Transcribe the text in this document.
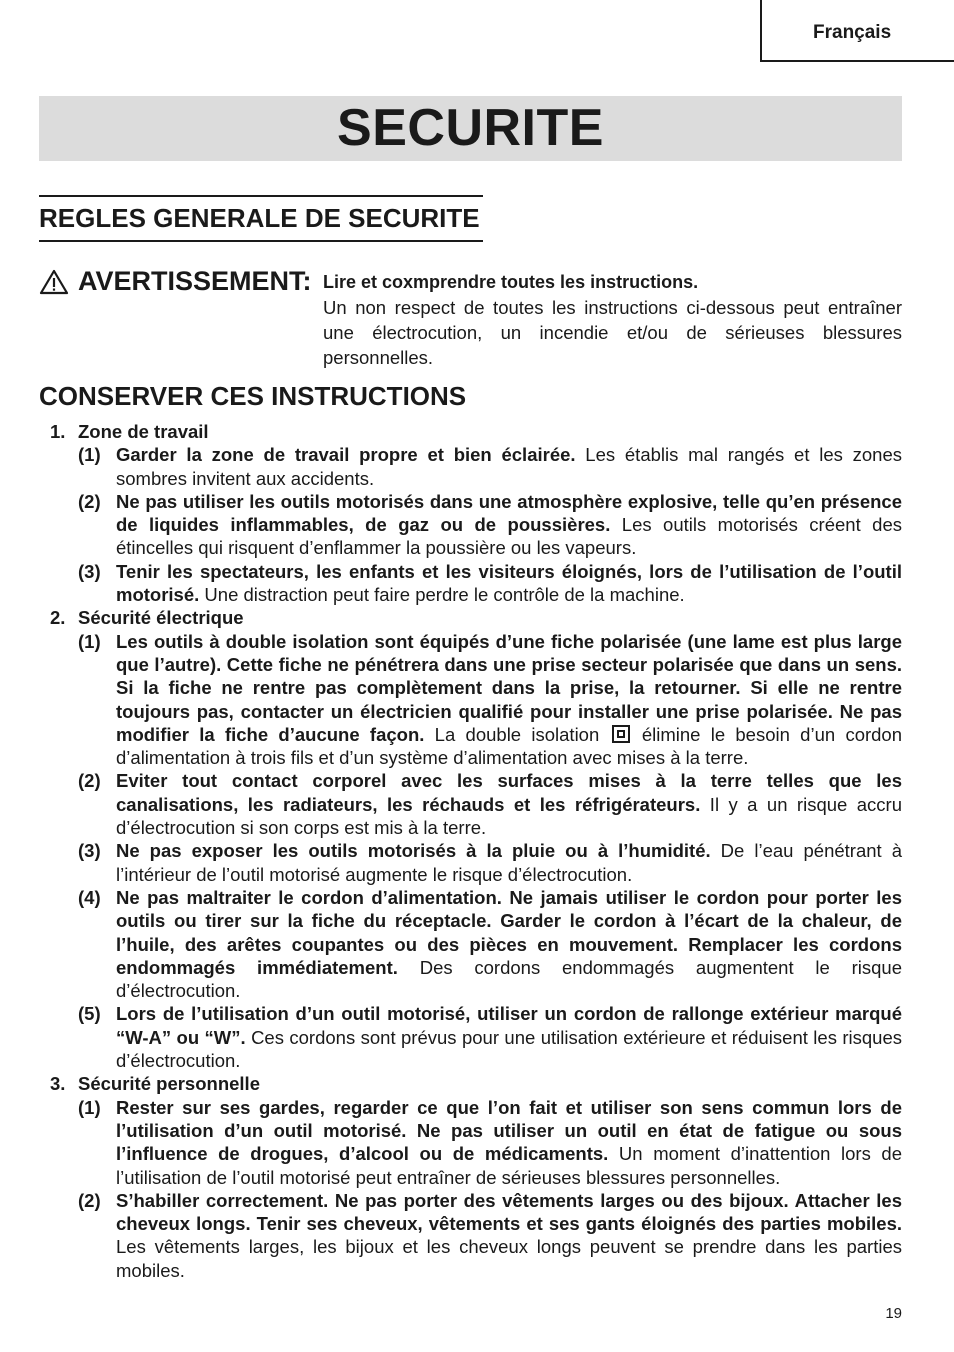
Français
SECURITE
REGLES GENERALE DE SECURITE
AVERTISSEMENT: Lire et coxmprendre toutes les instructions.
Un non respect de toutes les instructions ci-dessous peut entraîner une électrocution, un incendie et/ou de sérieuses blessures personnelles.
CONSERVER CES INSTRUCTIONS
1. Zone de travail
(1) Garder la zone de travail propre et bien éclairée. Les établis mal rangés et les zones sombres invitent aux accidents.
(2) Ne pas utiliser les outils motorisés dans une atmosphère explosive, telle qu’en présence de liquides inflammables, de gaz ou de poussières. Les outils motorisés créent des étincelles qui risquent d’enflammer la poussière ou les vapeurs.
(3) Tenir les spectateurs, les enfants et les visiteurs éloignés, lors de l’utilisation de l’outil motorisé. Une distraction peut faire perdre le contrôle de la machine.
2. Sécurité électrique
(1) Les outils à double isolation sont équipés d’une fiche polarisée (une lame est plus large que l’autre). Cette fiche ne pénétrera dans une prise secteur polarisée que dans un sens. Si la fiche ne rentre pas complètement dans la prise, la retourner. Si elle ne rentre toujours pas, contacter un électricien qualifié pour installer une prise polarisée. Ne pas modifier la fiche d’aucune façon. La double isolation  élimine le besoin d’un cordon d’alimentation à trois fils et d’un système d’alimentation avec mises à la terre.
(2) Eviter tout contact corporel avec les surfaces mises à la terre telles que les canalisations, les radiateurs, les réchauds et les réfrigérateurs. Il y a un risque accru d’électrocution si son corps est mis à la terre.
(3) Ne pas exposer les outils motorisés à la pluie ou à l’humidité. De l’eau pénétrant à l’intérieur de l’outil motorisé augmente le risque d’électrocution.
(4) Ne pas maltraiter le cordon d’alimentation. Ne jamais utiliser le cordon pour porter les outils ou tirer sur la fiche du réceptacle. Garder le cordon à l’écart de la chaleur, de l’huile, des arêtes coupantes ou des pièces en mouvement. Remplacer les cordons endommagés immédiatement. Des cordons endommagés augmentent le risque d’électrocution.
(5) Lors de l’utilisation d’un outil motorisé, utiliser un cordon de rallonge extérieur marqué “W-A” ou “W”. Ces cordons sont prévus pour une utilisation extérieure et réduisent les risques d’électrocution.
3. Sécurité personnelle
(1) Rester sur ses gardes, regarder ce que l’on fait et utiliser son sens commun lors de l’utilisation d’un outil motorisé. Ne pas utiliser un outil en état de fatigue ou sous l’influence de drogues, d’alcool ou de médicaments. Un moment d’inattention lors de l’utilisation de l’outil motorisé peut entraîner de sérieuses blessures personnelles.
(2) S’habiller correctement. Ne pas porter des vêtements larges ou des bijoux. Attacher les cheveux longs. Tenir ses cheveux, vêtements et ses gants éloignés des parties mobiles. Les vêtements larges, les bijoux et les cheveux longs peuvent se prendre dans les parties mobiles.
19
